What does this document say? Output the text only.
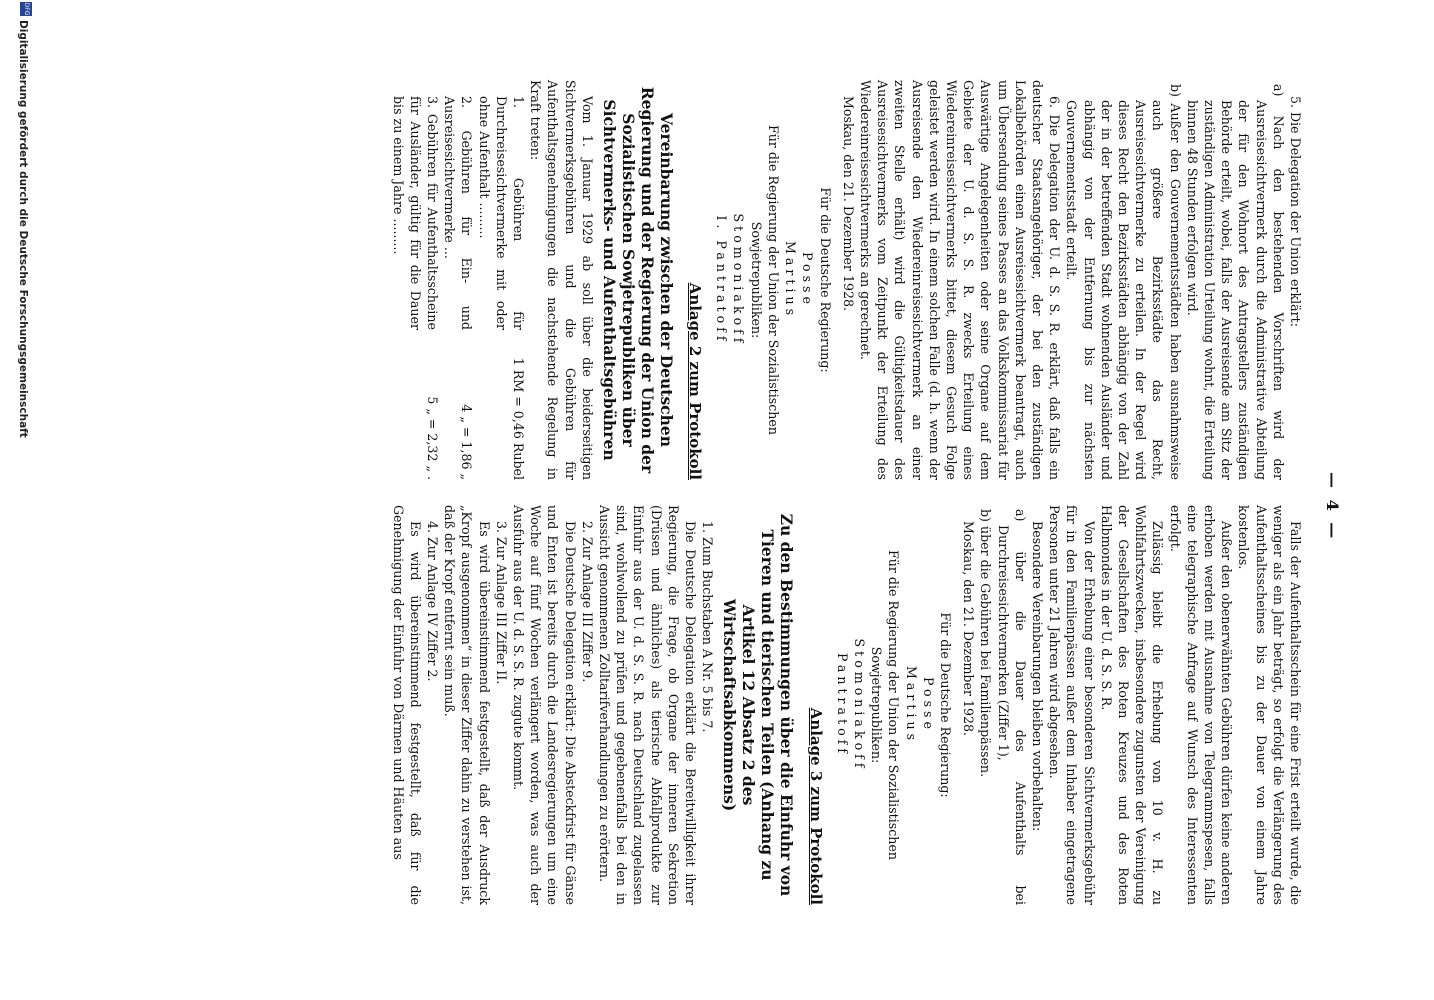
— 4 —

5. Die Delegation der Union erklärt:

a) Nach den bestehenden Vorschriften wird der Ausreisesichtvermerk durch die Administrative Abteilung der für den Wohnort des Antragstellers zuständigen Behörde erteilt, wobei, falls der Ausreisende am Sitz der zuständigen Administration Urteilung wohnt, die Erteilung binnen 48 Stunden erfolgen wird.

b) Außer den Gouvernementsstädten haben ausnahmsweise auch größere Bezirksstädte das Recht, Ausreisesichtvermerke zu erteilen. In der Regel wird dieses Recht den Bezirksstädten abhängig von der Zahl der in der betreffenden Stadt wohnenden Ausländer und abhängig von der Entfernung bis zur nächsten Gouvernementsstadt erteilt.

6. Die Delegation der U. d. S. S. R. erklärt, daß falls ein deutscher Staatsangehöriger, der bei den zuständigen Lokalbehörden einen Ausreisesichtvermerk beantragt, auch um Übersendung seines Passes an das Volkskommissariat für Auswärtige Angelegenheiten oder seine Organe auf dem Gebiete der U. d. S. S. R. zwecks Erteilung eines Wiedereinreisesichtvermerks bittet, diesem Gesuch Folge geleistet werden wird. In einem solchen Falle (d. h. wenn der Ausreisende den Wiedereinreisesichtvermerk an einer zweiten Stelle erhält) wird die Gültigkeitsdauer des Ausreisesichtvermerks vom Zeitpunkt der Erteilung des Wiedereinreisesichtvermerks an gerechnet.

Moskau, den 21. Dezember 1928.

Für die Deutsche Regierung:

Posse

Martius

Für die Regierung der Union der Sozialistischen Sowjetrepubliken:

Stomoniakoff

I. Pantratoff

Anlage 2 zum Protokoll

Vereinbarung zwischen der Deutschen Regierung und der Regierung der Union der Sozialistischen Sowjetrepubliken über Sichtvermerks- und Aufenthaltsgebühren

Vom 1. Januar 1929 ab soll über die beiderseitigen Sichtvermerksgebühren und die Gebühren für Aufenthaltsgenehmigungen die nachstehende Regelung in Kraft treten:

1. Gebühren für Durchreisesichtvermerke mit oder ohne Aufenthalt .........
1 RM = 0,46 Rubel

2. Gebühren für Ein- und Ausreisesichtvermerke ...
4 „ = 1,86 „

3. Gebühren für Aufenthaltsscheine für Ausländer, gültig für die Dauer bis zu einem Jahre .........
5 „ = 2,32 „ .

Falls der Aufenthaltsschein für eine Frist erteilt wurde, die weniger als ein Jahr beträgt, so erfolgt die Verlängerung des Aufenthaltsscheines bis zu der Dauer von einem Jahre kostenlos.

Außer den obenerwähnten Gebühren dürfen keine anderen erhoben werden mit Ausnahme von Telegrammspesen, falls eine telegraphische Anfrage auf Wunsch des Interessenten erfolgt.

Zulässig bleibt die Erhebung von 10 v. H. zu Wohlfahrtszwecken, insbesondere zugunsten der Vereinigung der Gesellschaften des Roten Kreuzes und des Roten Halbmondes in der U. d. S. S. R.

Von der Erhebung einer besonderen Sichtvermerksgebühr für in den Familienpässen außer dem Inhaber eingetragene Personen unter 21 Jahren wird abgesehen.

Besondere Vereinbarungen bleiben vorbehalten:

a) über die Dauer des Aufenthalts bei Durchreisesichtvermerken (Ziffer 1),

b) über die Gebühren bei Familienpässen.

Moskau, den 21. Dezember 1928.

Für die Deutsche Regierung:

Posse

Martius

Für die Regierung der Union der Sozialistischen Sowjetrepubliken:

Stomoniakoff

Pantratoff

Anlage 3 zum Protokoll

Zu den Bestimmungen über die Einfuhr von Tieren und tierischen Teilen (Anhang zu Artikel 12 Absatz 2 des Wirtschaftsabkommens)

1. Zum Buchstaben A Nr. 5 bis 7.

Die Deutsche Delegation erklärt die Bereitwilligkeit ihrer Regierung, die Frage, ob Organe der inneren Sekretion (Drüsen und ähnliches) als tierische Abfallprodukte zur Einfuhr aus der U. d. S. S. R. nach Deutschland zugelassen sind, wohlwollend zu prüfen und gegebenenfalls bei den in Aussicht genommenen Zolltarifverhandlungen zu erörtern.

2. Zur Anlage III Ziffer 9.

Die Deutsche Delegation erklärt: Die Absteckfrist für Gänse und Enten ist bereits durch die Landesregierungen um eine Woche auf fünf Wochen verlängert worden, was auch der Ausfuhr aus der U. d. S. S. R. zugute kommt.

3. Zur Anlage III Ziffer II.

Es wird übereinstimmend festgestellt, daß der Ausdruck „Kropf ausgenommen“ in dieser Ziffer dahin zu verstehen ist, daß der Kropf entfernt sein muß.

4. Zur Anlage IV Ziffer 2.

Es wird übereinstimmend festgestellt, daß für die Genehmigung der Einfuhr von Därmen und Häuten aus

DFG
Digitalisierung gefördert durch die Deutsche Forschungsgemeinschaft
